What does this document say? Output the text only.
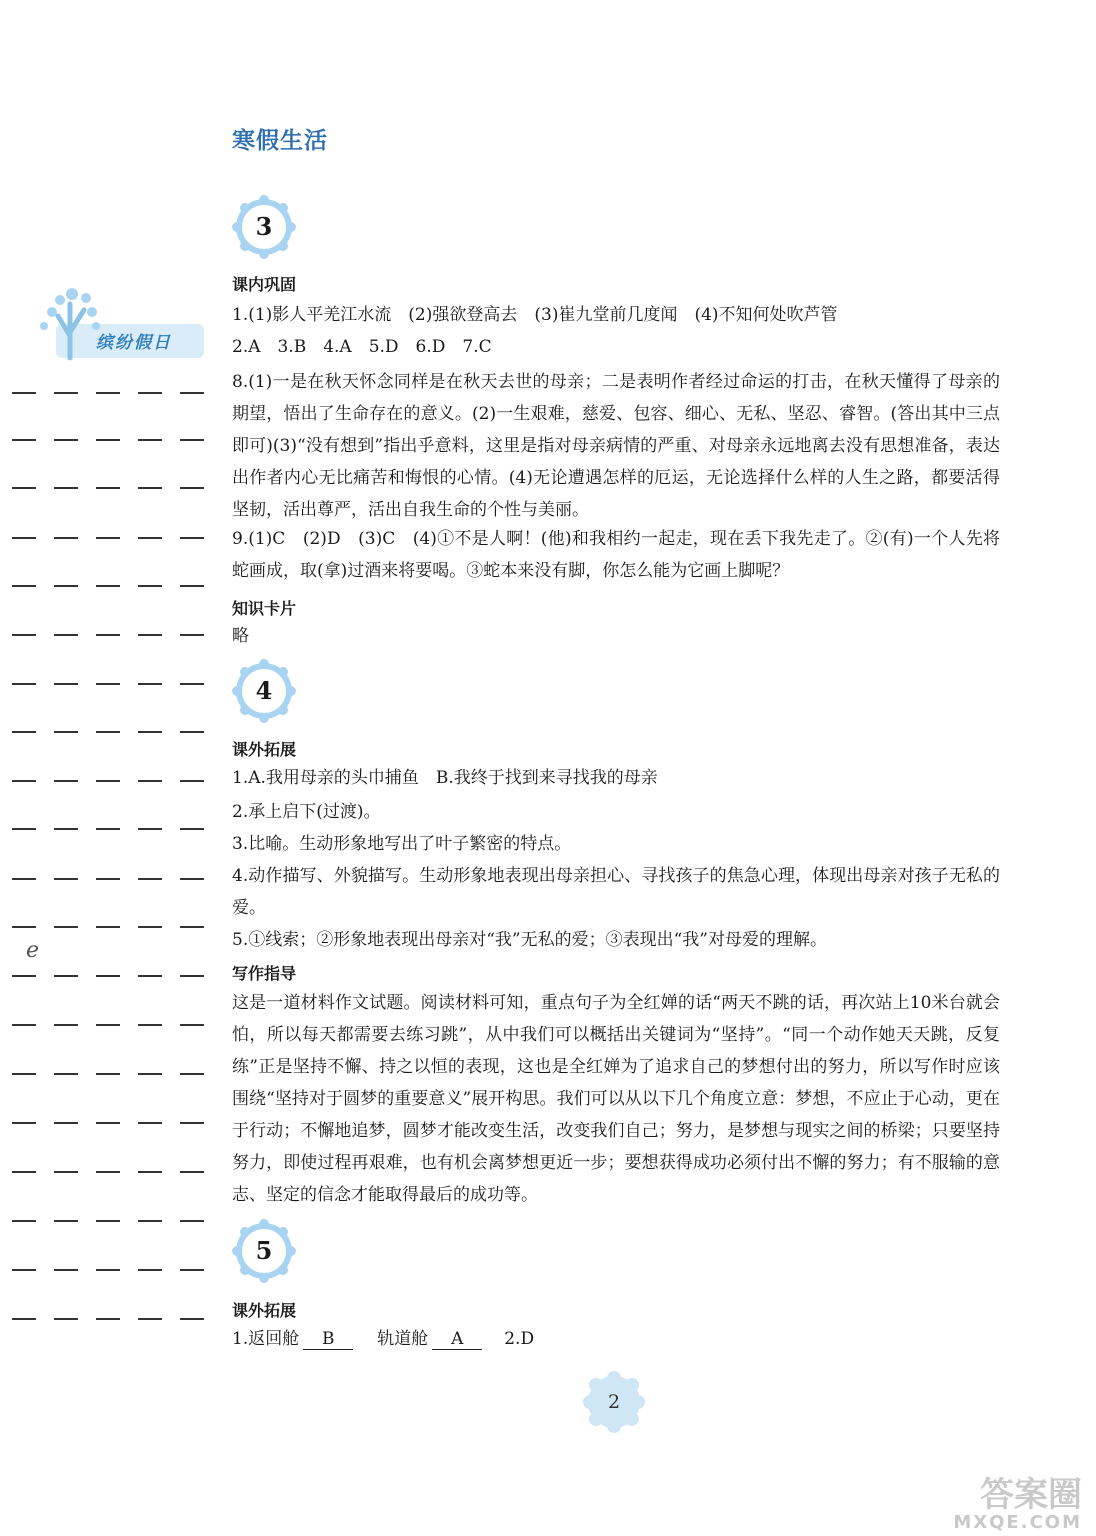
寒假生活
缤纷假日
e
3
课内巩固
1.(1)影人平羌江水流　(2)强欲登高去　(3)崔九堂前几度闻　(4)不知何处吹芦管
2.A　3.B　4.A　5.D　6.D　7.C
8.(1)一是在秋天怀念同样是在秋天去世的母亲；二是表明作者经过命运的打击，在秋天懂得了母亲的期望，悟出了生命存在的意义。(2)一生艰难，慈爱、包容、细心、无私、坚忍、睿智。(答出其中三点即可)(3)“没有想到”指出乎意料，这里是指对母亲病情的严重、对母亲永远地离去没有思想准备，表达出作者内心无比痛苦和悔恨的心情。(4)无论遭遇怎样的厄运，无论选择什么样的人生之路，都要活得坚韧，活出尊严，活出自我生命的个性与美丽。
9.(1)C　(2)D　(3)C　(4)①不是人啊！(他)和我相约一起走，现在丢下我先走了。②(有)一个人先将蛇画成，取(拿)过酒来将要喝。③蛇本来没有脚，你怎么能为它画上脚呢？
知识卡片
略
4
课外拓展
1.A.我用母亲的头巾捕鱼　B.我终于找到来寻找我的母亲
2.承上启下(过渡)。
3.比喻。生动形象地写出了叶子繁密的特点。
4.动作描写、外貌描写。生动形象地表现出母亲担心、寻找孩子的焦急心理，体现出母亲对孩子无私的爱。
5.①线索；②形象地表现出母亲对“我”无私的爱；③表现出“我”对母爱的理解。
写作指导
这是一道材料作文试题。阅读材料可知，重点句子为全红婵的话“两天不跳的话，再次站上10米台就会怕，所以每天都需要去练习跳”，从中我们可以概括出关键词为“坚持”。“同一个动作她天天跳，反复练”正是坚持不懈、持之以恒的表现，这也是全红婵为了追求自己的梦想付出的努力，所以写作时应该围绕“坚持对于圆梦的重要意义”展开构思。我们可以从以下几个角度立意：梦想，不应止于心动，更在于行动；不懈地追梦，圆梦才能改变生活，改变我们自己；努力，是梦想与现实之间的桥梁；只要坚持努力，即使过程再艰难，也有机会离梦想更近一步；要想获得成功必须付出不懈的努力；有不服输的意志、坚定的信念才能取得最后的成功等。
5
课外拓展
1.返回舱 B	轨道舱 A 2.D
2
答案圈
MXQE.COM
